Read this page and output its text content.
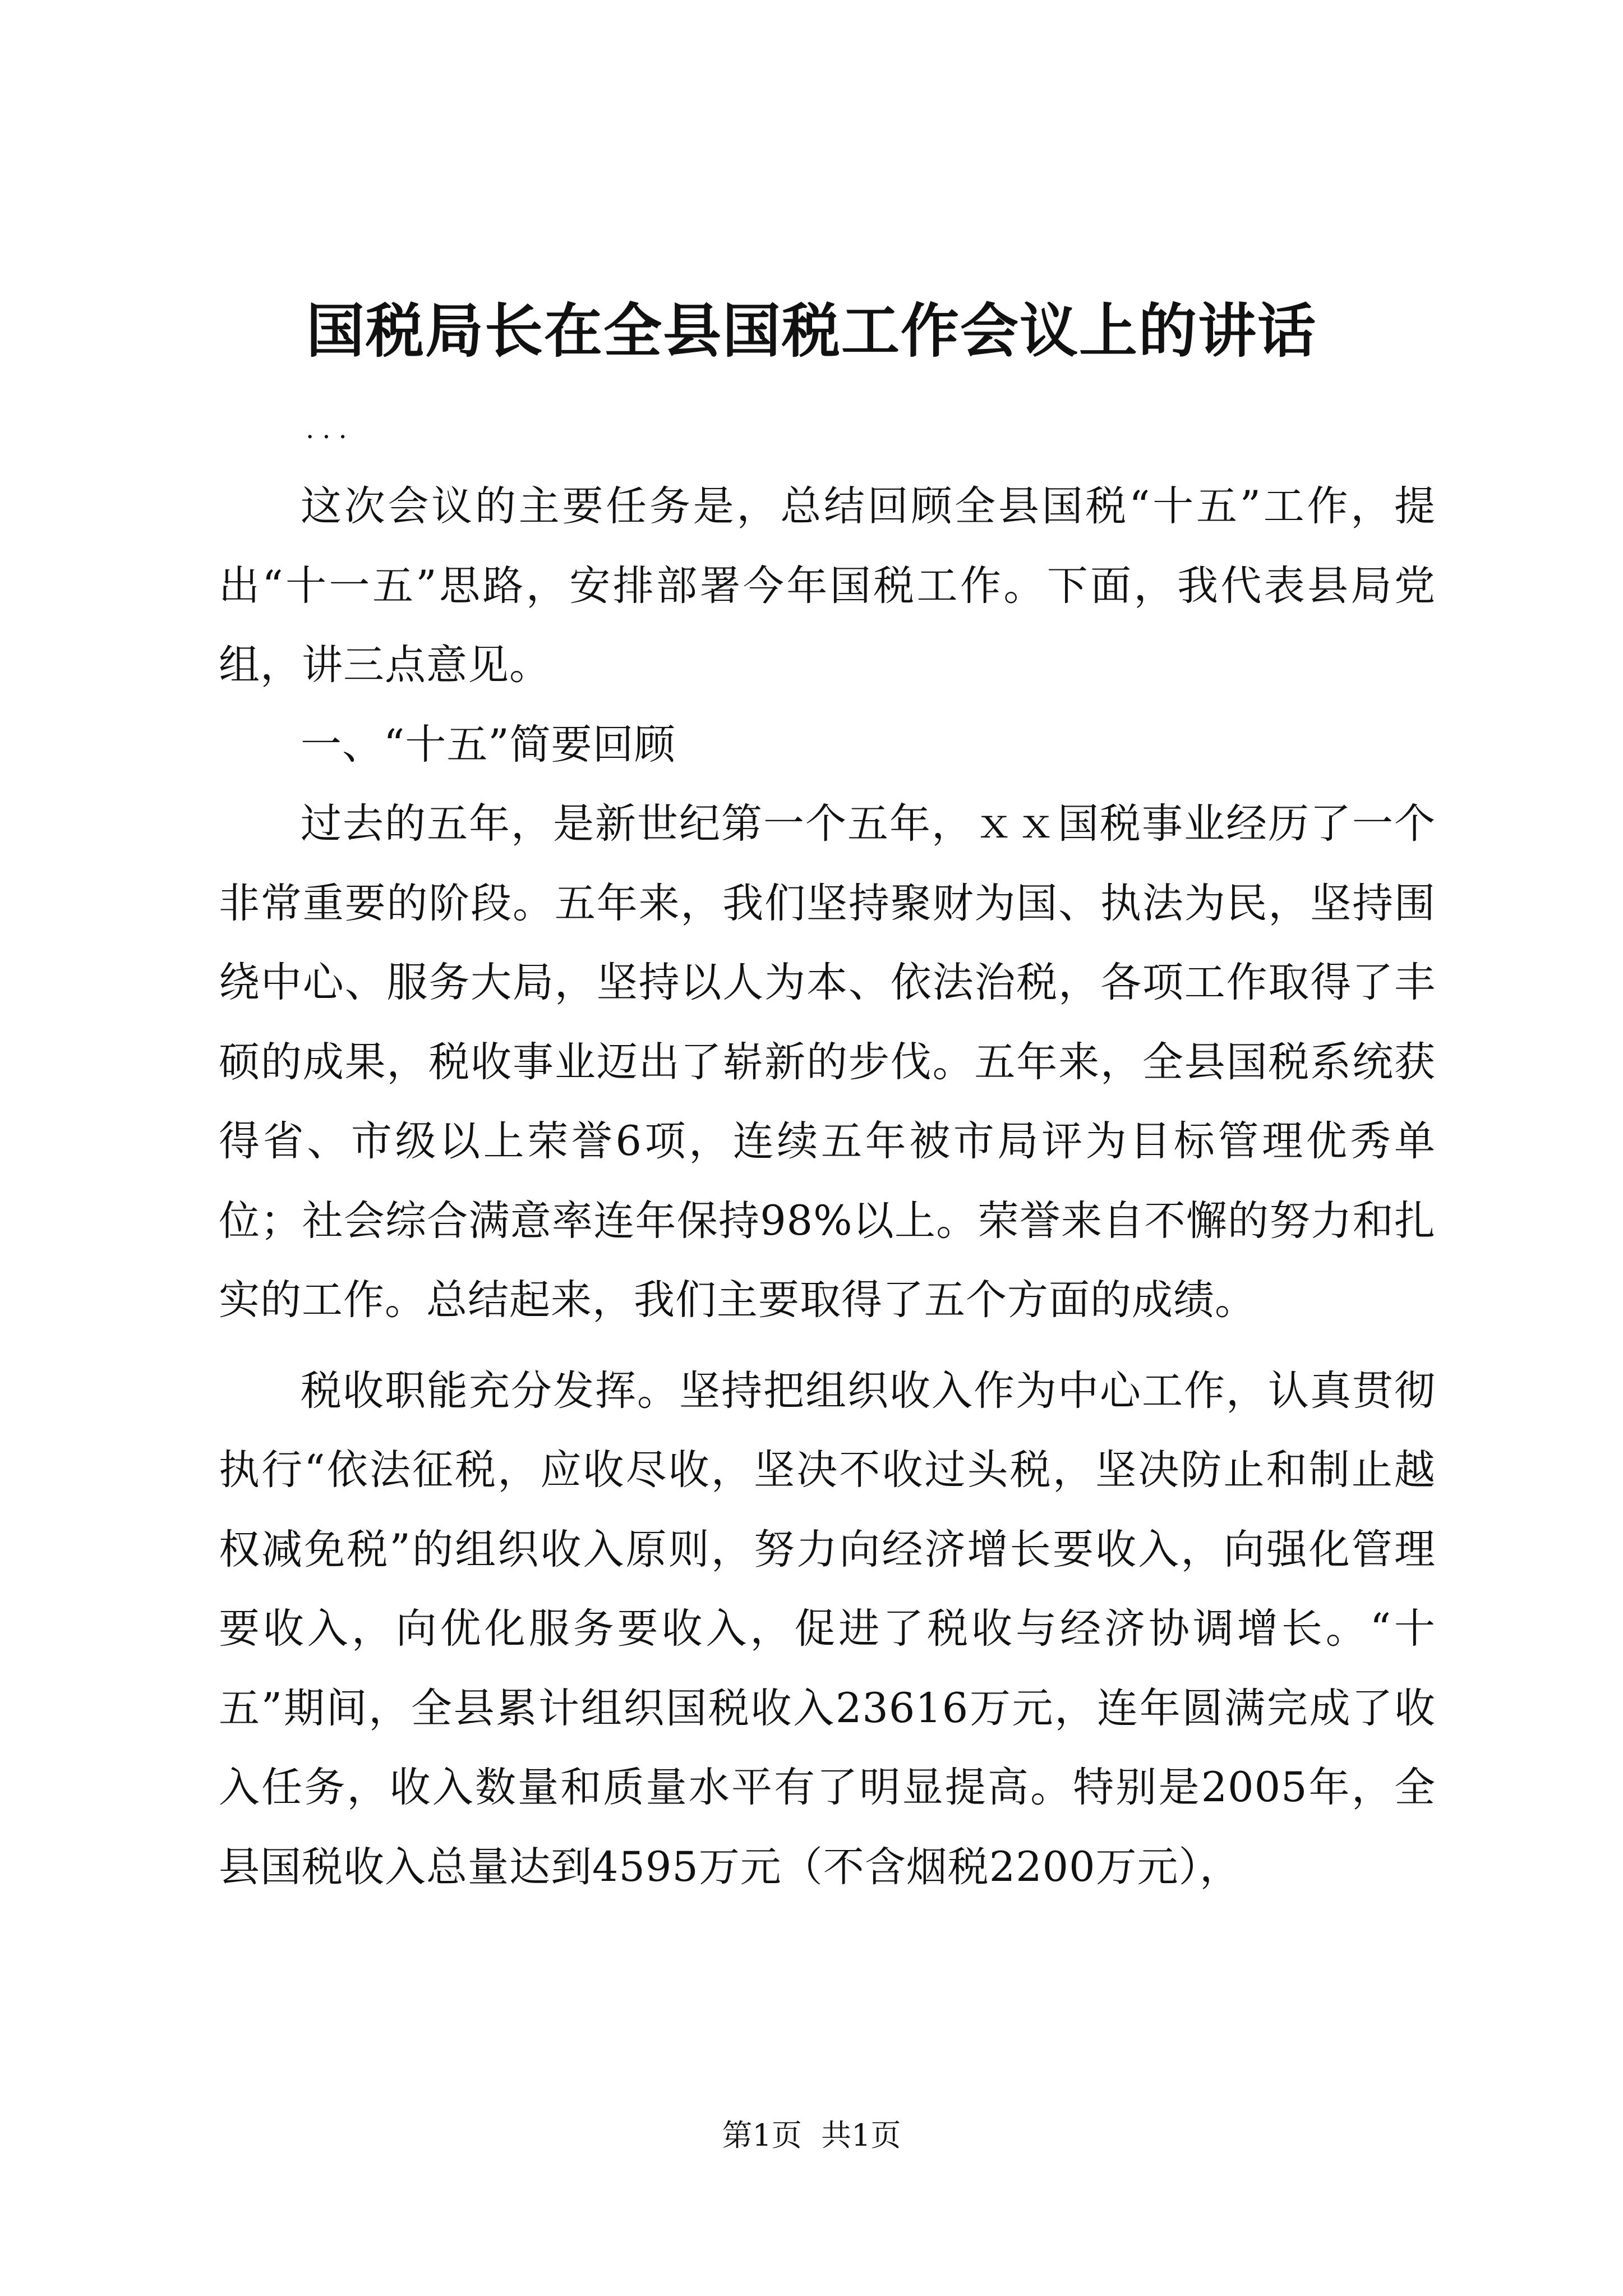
国税局长在全县国税工作会议上的讲话
...

这次会议的主要任务是，总结回顾全县国税“十五”工作，提出“十一五”思路，安排部署今年国税工作。下面，我代表县局党组，讲三点意见。

一、“十五”简要回顾

过去的五年，是新世纪第一个五年，ｘｘ国税事业经历了一个非常重要的阶段。五年来，我们坚持聚财为国、执法为民，坚持围绕中心、服务大局，坚持以人为本、依法治税，各项工作取得了丰硕的成果，税收事业迈出了崭新的步伐。五年来，全县国税系统获得省、市级以上荣誉6项，连续五年被市局评为目标管理优秀单位；社会综合满意率连年保持98%以上。荣誉来自不懈的努力和扎实的工作。总结起来，我们主要取得了五个方面的成绩。

税收职能充分发挥。坚持把组织收入作为中心工作，认真贯彻执行“依法征税，应收尽收，坚决不收过头税，坚决防止和制止越权减免税”的组织收入原则，努力向经济增长要收入，向强化管理要收入，向优化服务要收入，促进了税收与经济协调增长。“十五”期间，全县累计组织国税收入23616万元，连年圆满完成了收入任务，收入数量和质量水平有了明显提高。特别是2005年，全县国税收入总量达到4595万元（不含烟税2200万元），

第1页 共1页
